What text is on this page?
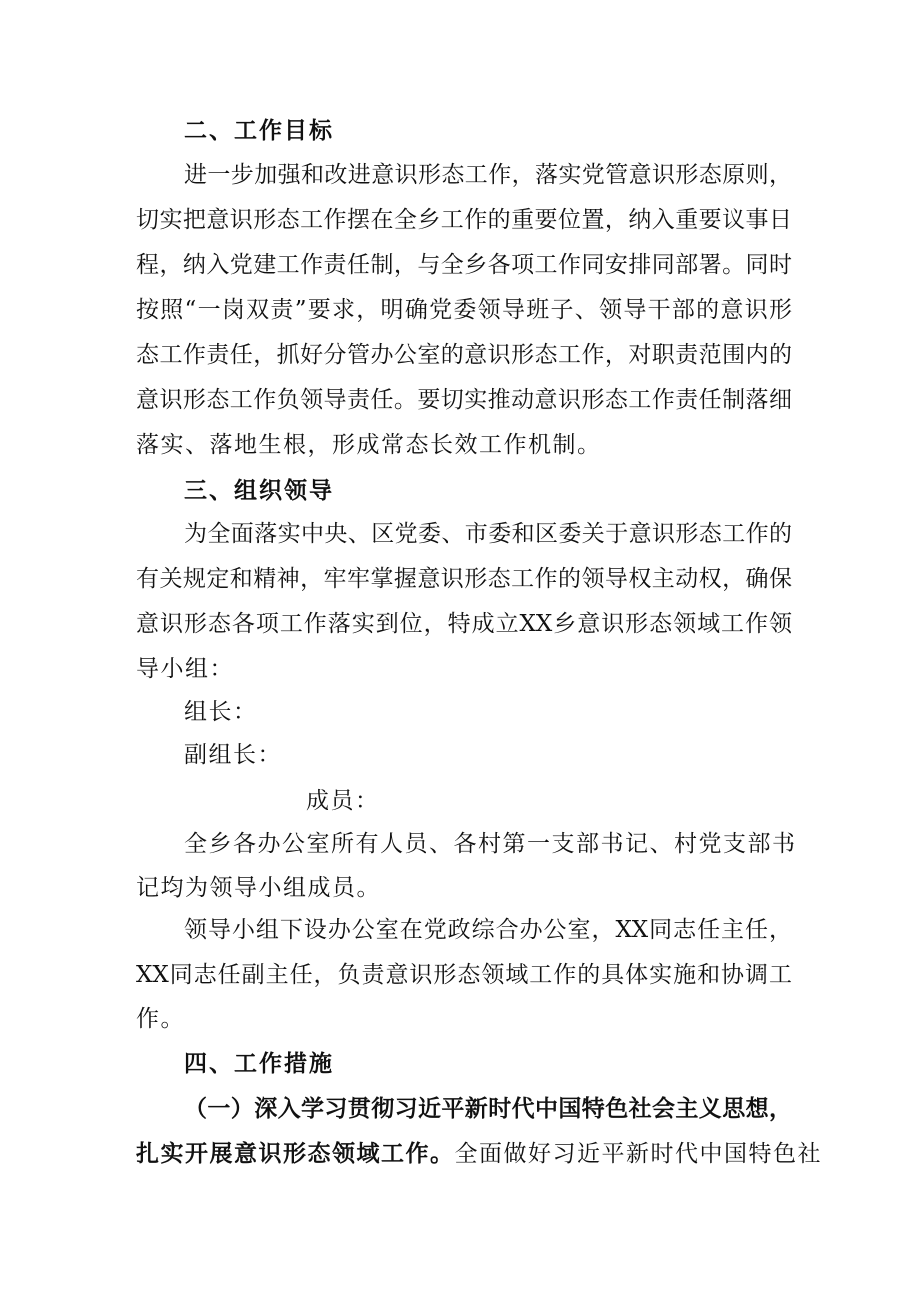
二、工作目标
进一步加强和改进意识形态工作，落实党管意识形态原则，
切实把意识形态工作摆在全乡工作的重要位置，纳入重要议事日
程，纳入党建工作责任制，与全乡各项工作同安排同部署。同时
按照“一岗双责”要求，明确党委领导班子、领导干部的意识形
态工作责任，抓好分管办公室的意识形态工作，对职责范围内的
意识形态工作负领导责任。要切实推动意识形态工作责任制落细
落实、落地生根，形成常态长效工作机制。
三、组织领导
为全面落实中央、区党委、市委和区委关于意识形态工作的
有关规定和精神，牢牢掌握意识形态工作的领导权主动权，确保
意识形态各项工作落实到位，特成立XX乡意识形态领域工作领
导小组：
组长：
副组长：
成员：
全乡各办公室所有人员、各村第一支部书记、村党支部书
记均为领导小组成员。
领导小组下设办公室在党政综合办公室，XX同志任主任，
XX同志任副主任，负责意识形态领域工作的具体实施和协调工
作。
四、工作措施
（一）深入学习贯彻习近平新时代中国特色社会主义思想，
扎实开展意识形态领域工作。全面做好习近平新时代中国特色社
